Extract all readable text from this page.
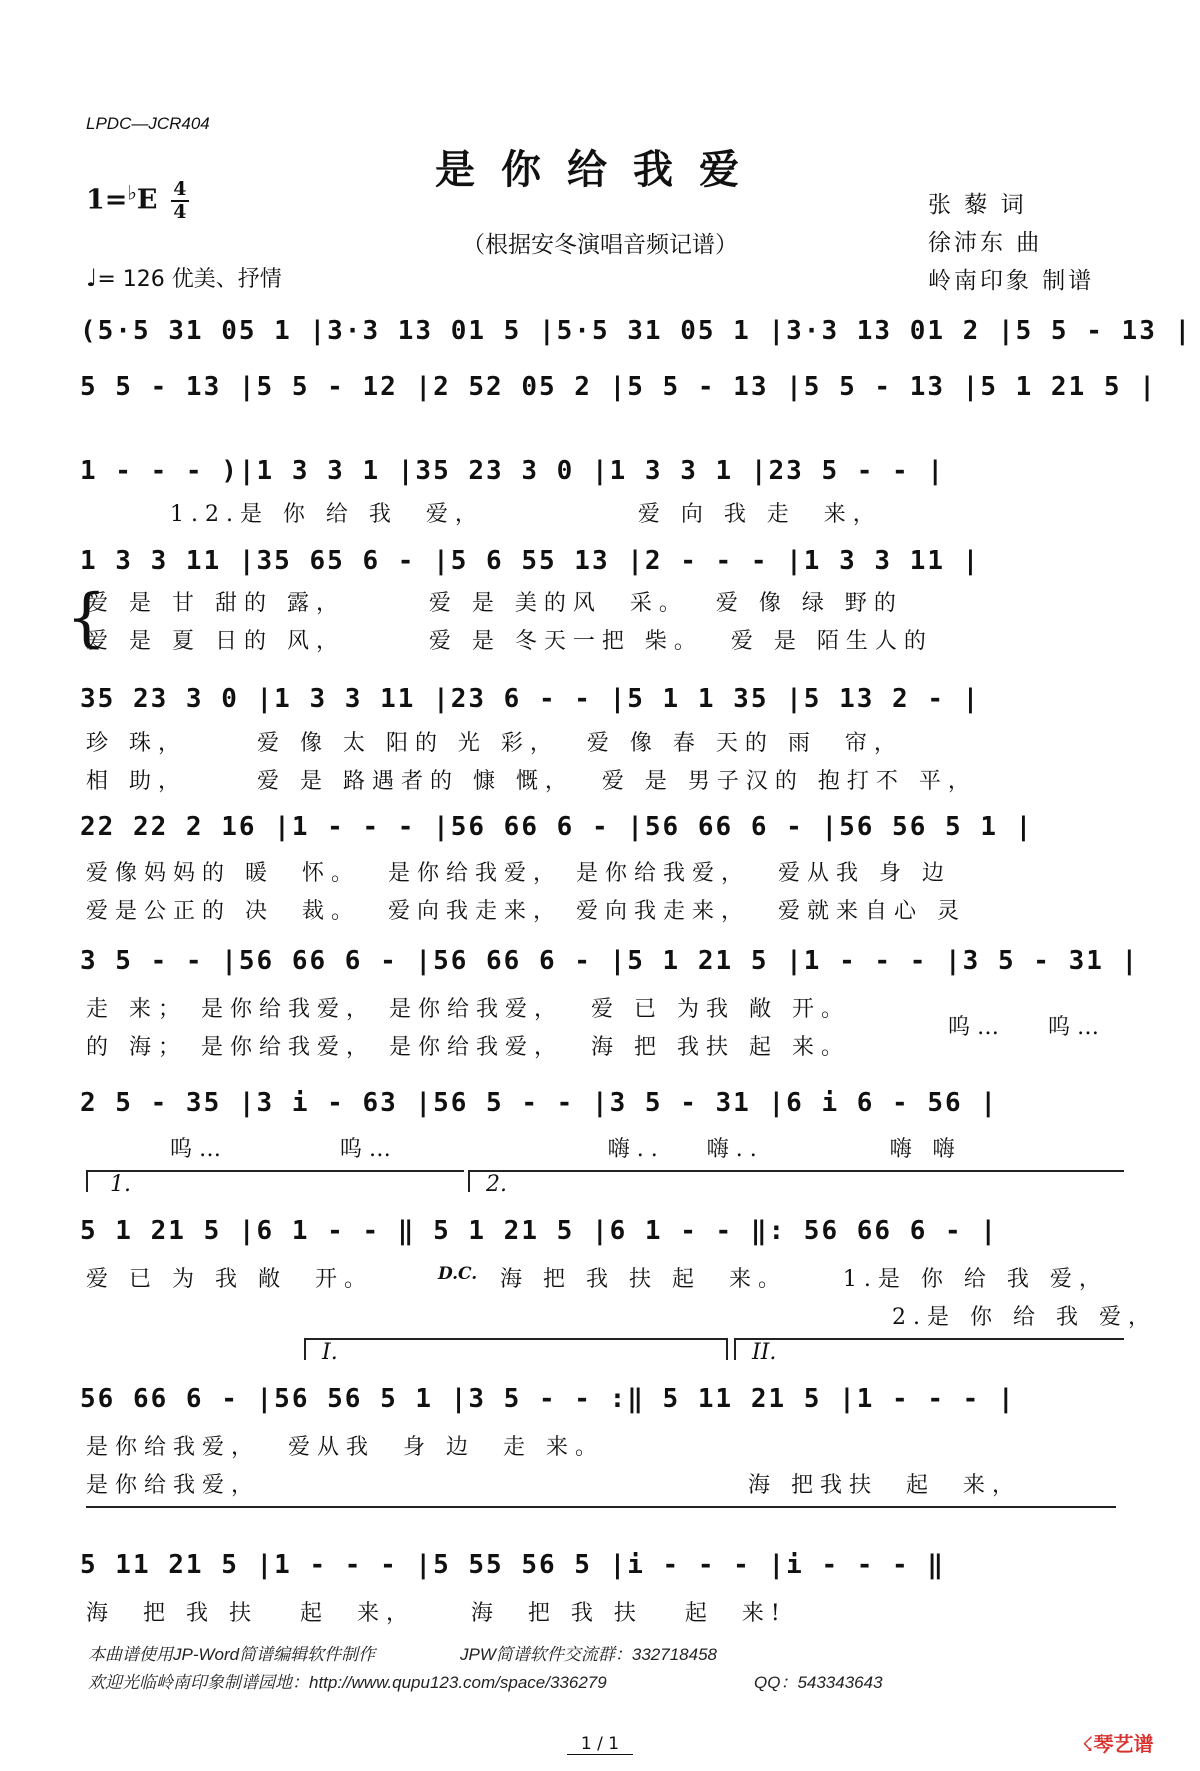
LPDC—JCR404
是你给我爱
$1=^♭E \frac{4}{4}$
（根据安冬演唱音频记谱）
张 藜 词
徐沛东 曲
岭南印象 制谱
♩= 126 优美、抒情
(5·5 31 05 1 |3·3 13 01 5 |5·5 31 05 1 |3·3 13 01 2 |5 5 - 13 |
5 5 - 13 |5 5 - 12 |2 52 05 2 |5 5 - 13 |5 5 - 13 |5 1 21 5 |
1 - - - )|1 3 3 1 |35 23 3 0 |1 3 3 1 |23 5 - - |
1.2.是 你 给 我  爱，           爱 向 我 走  来，
1 3 3 11 |35 65 6 - |5 6 55 13 |2 - - - |1 3 3 11 |
{
爱 是 甘 甜的 露，      爱 是 美的风  采。  爱 像 绿 野的
爱 是 夏 日的 风，      爱 是 冬天一把 柴。  爱 是 陌生人的
35 23 3 0 |1 3 3 11 |23 6 - - |5 1 1 35 |5 13 2 - |
珍 珠，     爱 像 太 阳的 光 彩，  爱 像 春 天的 雨  帘，
相 助，     爱 是 路遇者的 慷 慨，  爱 是 男子汉的 抱打不 平，
22 22 2 16 |1 - - - |56 66 6 - |56 66 6 - |56 56 5 1 |
爱像妈妈的 暖  怀。  是你给我爱， 是你给我爱，  爱从我 身 边
爱是公正的 决  裁。  爱向我走来， 爱向我走来，  爱就来自心 灵
3 5 - - |56 66 6 - |56 66 6 - |5 1 21 5 |1 - - - |3 5 - 31 |
走 来； 是你给我爱， 是你给我爱，  爱 已 为我 敞 开。
的 海； 是你给我爱， 是你给我爱，  海 把 我扶 起 来。
呜…   呜…
2 5 - 35 |3 i - 63 |56 5 - - |3 5 - 31 |6 i 6 - 56 |
呜…        呜…               嗨..   嗨..         嗨 嗨
1.	2.
5 1 21 5 |6 1 - - ‖ 5 1 21 5 |6 1 - - ‖: 56 66 6 - |
爱 已 为 我 敞  开。	D.C. 海 把 我 扶 起  来。    1.是 你 给 我 爱，
2.是 你 给 我 爱，
I.	II.
56 66 6 - |56 56 5 1 |3 5 - - :‖ 5 11 21 5 |1 - - - |
是你给我爱，  爱从我  身 边  走 来。
是你给我爱，	海 把我扶  起  来，
5 11 21 5 |1 - - - |5 55 56 5 |i - - - |i - - - ‖
海  把 我 扶   起  来，    海  把 我 扶   起  来!
本曲谱使用JP-Word简谱编辑软件制作	JPW简谱软件交流群：332718458
欢迎光临岭南印象制谱园地：http://www.qupu123.com/space/336279	QQ：543343643
1 / 1	☇琴艺谱
